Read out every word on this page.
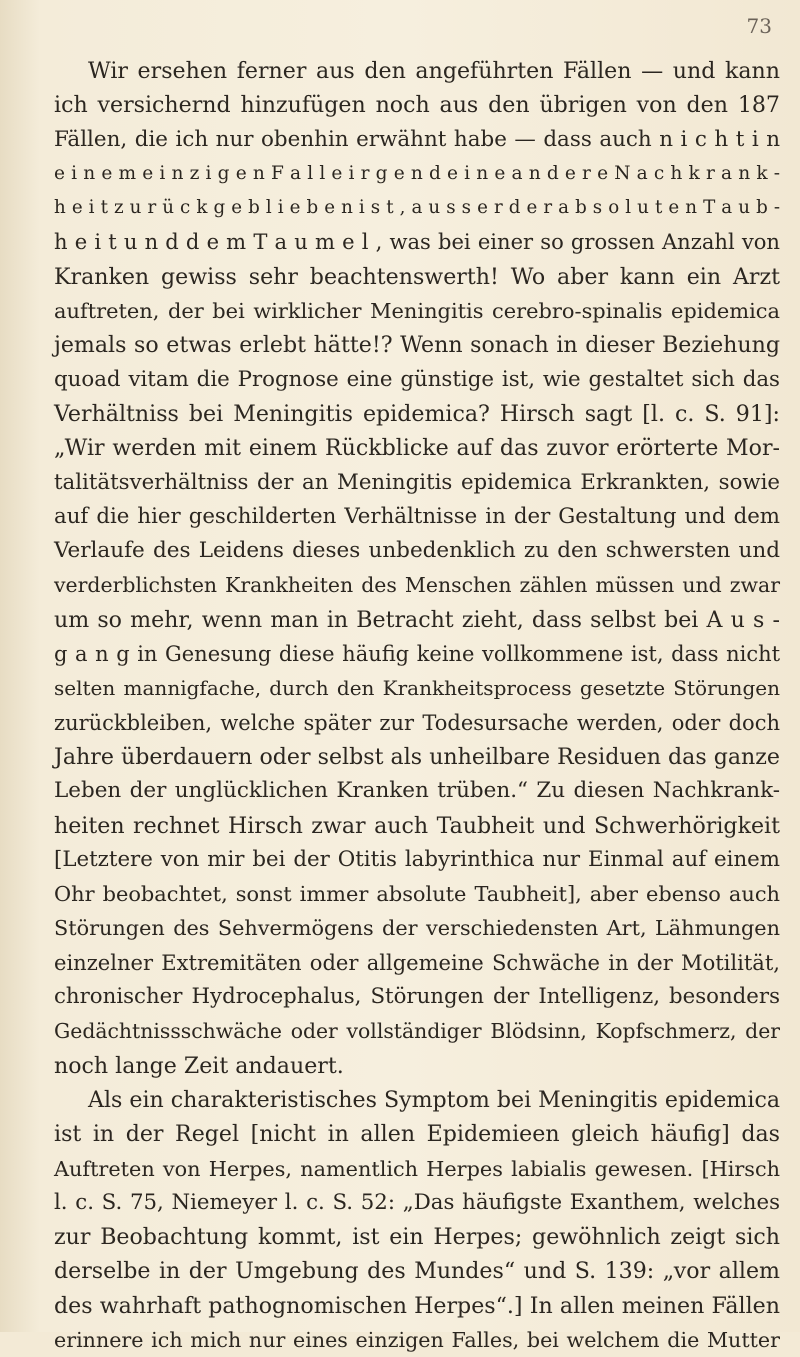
73
Wir ersehen ferner aus den angeführten Fällen — und kann
ich versichernd hinzufügen noch aus den übrigen von den 187
Fällen, die ich nur obenhin erwähnt habe — dass auch n i c h t i n
e i n e m e i n z i g e n F a l l e i r g e n d e i n e a n d e r e N a c h k r a n k -
h e i t z u r ü c k g e b l i e b e n i s t , a u s s e r d e r a b s o l u t e n T a u b -
h e i t u n d d e m T a u m e l , was bei einer so grossen Anzahl von
Kranken gewiss sehr beachtenswerth! Wo aber kann ein Arzt
auftreten, der bei wirklicher Meningitis cerebro-spinalis epidemica
jemals so etwas erlebt hätte!? Wenn sonach in dieser Beziehung
quoad vitam die Prognose eine günstige ist, wie gestaltet sich das
Verhältniss bei Meningitis epidemica? Hirsch sagt [l. c. S. 91]:
„Wir werden mit einem Rückblicke auf das zuvor erörterte Mor-
talitätsverhältniss der an Meningitis epidemica Erkrankten, sowie
auf die hier geschilderten Verhältnisse in der Gestaltung und dem
Verlaufe des Leidens dieses unbedenklich zu den schwersten und
verderblichsten Krankheiten des Menschen zählen müssen und zwar
um so mehr, wenn man in Betracht zieht, dass selbst bei A u s -
g a n g in Genesung diese häufig keine vollkommene ist, dass nicht
selten mannigfache, durch den Krankheitsprocess gesetzte Störungen
zurückbleiben, welche später zur Todesursache werden, oder doch
Jahre überdauern oder selbst als unheilbare Residuen das ganze
Leben der unglücklichen Kranken trüben.“ Zu diesen Nachkrank-
heiten rechnet Hirsch zwar auch Taubheit und Schwerhörigkeit
[Letztere von mir bei der Otitis labyrinthica nur Einmal auf einem
Ohr beobachtet, sonst immer absolute Taubheit], aber ebenso auch
Störungen des Sehvermögens der verschiedensten Art, Lähmungen
einzelner Extremitäten oder allgemeine Schwäche in der Motilität,
chronischer Hydrocephalus, Störungen der Intelligenz, besonders
Gedächtnissschwäche oder vollständiger Blödsinn, Kopfschmerz, der
noch lange Zeit andauert.
Als ein charakteristisches Symptom bei Meningitis epidemica
ist in der Regel [nicht in allen Epidemieen gleich häufig] das
Auftreten von Herpes, namentlich Herpes labialis gewesen. [Hirsch
l. c. S. 75, Niemeyer l. c. S. 52: „Das häufigste Exanthem, welches
zur Beobachtung kommt, ist ein Herpes; gewöhnlich zeigt sich
derselbe in der Umgebung des Mundes“ und S. 139: „vor allem
des wahrhaft pathognomischen Herpes“.] In allen meinen Fällen
erinnere ich mich nur eines einzigen Falles, bei welchem die Mutter
